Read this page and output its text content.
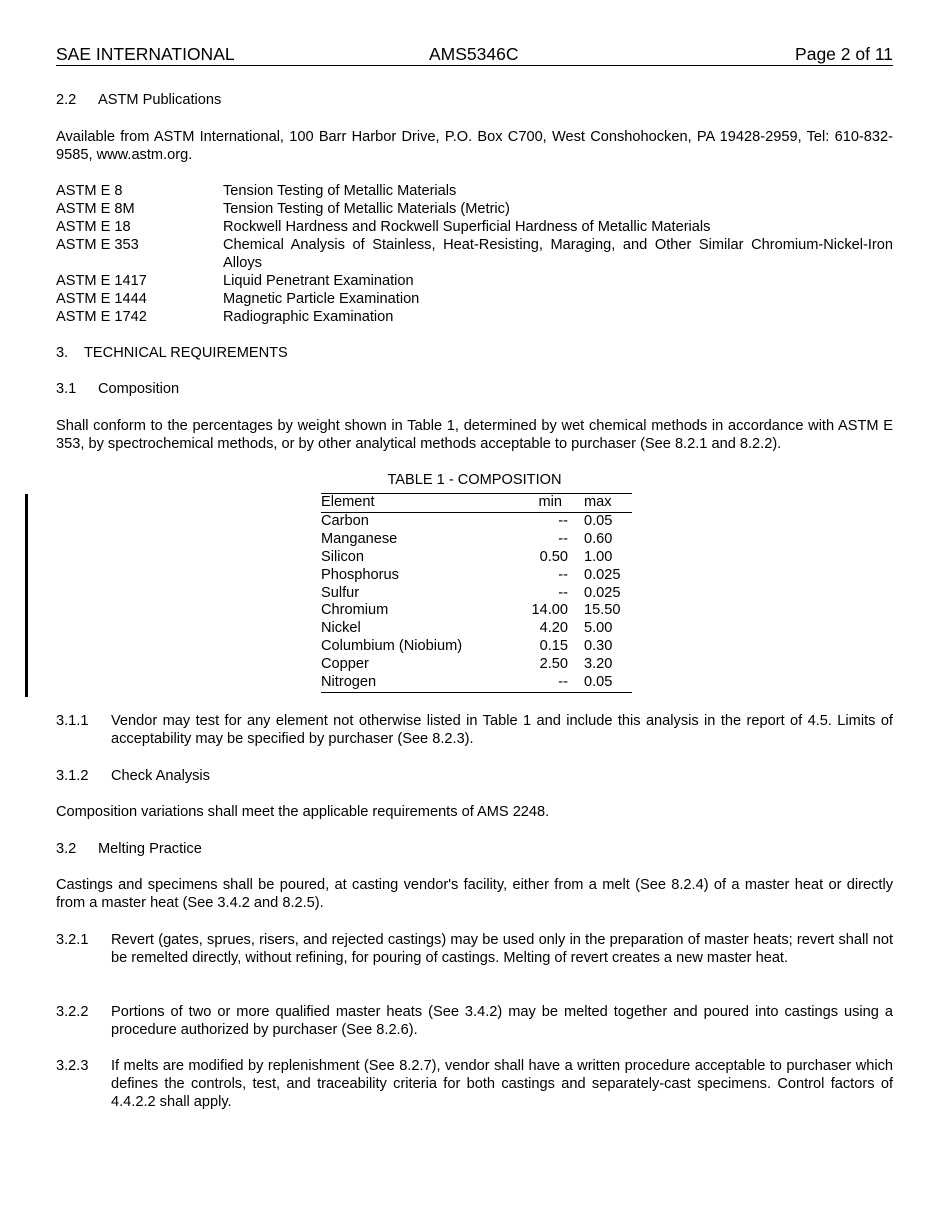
SAE INTERNATIONAL	AMS5346C	Page 2 of 11
2.2 ASTM Publications
Available from ASTM International, 100 Barr Harbor Drive, P.O. Box C700, West Conshohocken, PA 19428-2959, Tel: 610-832-9585, www.astm.org.
ASTM E 8	Tension Testing of Metallic Materials
ASTM E 8M	Tension Testing of Metallic Materials (Metric)
ASTM E 18	Rockwell Hardness and Rockwell Superficial Hardness of Metallic Materials
ASTM E 353	Chemical Analysis of Stainless, Heat-Resisting, Maraging, and Other Similar Chromium-Nickel-Iron Alloys
ASTM E 1417	Liquid Penetrant Examination
ASTM E 1444	Magnetic Particle Examination
ASTM E 1742	Radiographic Examination
3. TECHNICAL REQUIREMENTS
3.1 Composition
Shall conform to the percentages by weight shown in Table 1, determined by wet chemical methods in accordance with ASTM E 353, by spectrochemical methods, or by other analytical methods acceptable to purchaser (See 8.2.1 and 8.2.2).
TABLE 1 - COMPOSITION
Element	min	max
Carbon	--	0.05
Manganese	--	0.60
Silicon	0.50	1.00
Phosphorus	--	0.025
Sulfur	--	0.025
Chromium	14.00	15.50
Nickel	4.20	5.00
Columbium (Niobium)	0.15	0.30
Copper	2.50	3.20
Nitrogen	--	0.05
3.1.1 Vendor may test for any element not otherwise listed in Table 1 and include this analysis in the report of 4.5. Limits of acceptability may be specified by purchaser (See 8.2.3).
3.1.2 Check Analysis
Composition variations shall meet the applicable requirements of AMS 2248.
3.2 Melting Practice
Castings and specimens shall be poured, at casting vendor's facility, either from a melt (See 8.2.4) of a master heat or directly from a master heat (See 3.4.2 and 8.2.5).
3.2.1 Revert (gates, sprues, risers, and rejected castings) may be used only in the preparation of master heats; revert shall not be remelted directly, without refining, for pouring of castings. Melting of revert creates a new master heat.
3.2.2 Portions of two or more qualified master heats (See 3.4.2) may be melted together and poured into castings using a procedure authorized by purchaser (See 8.2.6).
3.2.3 If melts are modified by replenishment (See 8.2.7), vendor shall have a written procedure acceptable to purchaser which defines the controls, test, and traceability criteria for both castings and separately-cast specimens. Control factors of 4.4.2.2 shall apply.
